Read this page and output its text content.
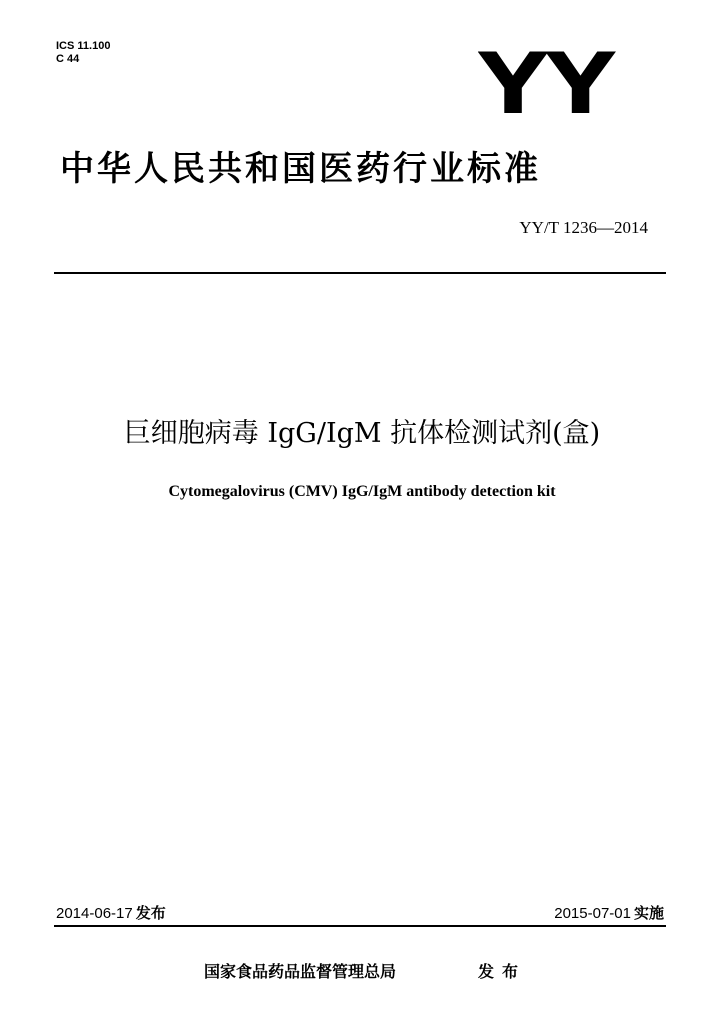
ICS 11.100
C 44	YY
中华人民共和国医药行业标准
YY/T 1236—2014
巨细胞病毒 IgG/IgM 抗体检测试剂(盒)
Cytomegalovirus (CMV) IgG/IgM antibody detection kit
2014-06-17 发布	2015-07-01 实施
国家食品药品监督管理总局	发布
